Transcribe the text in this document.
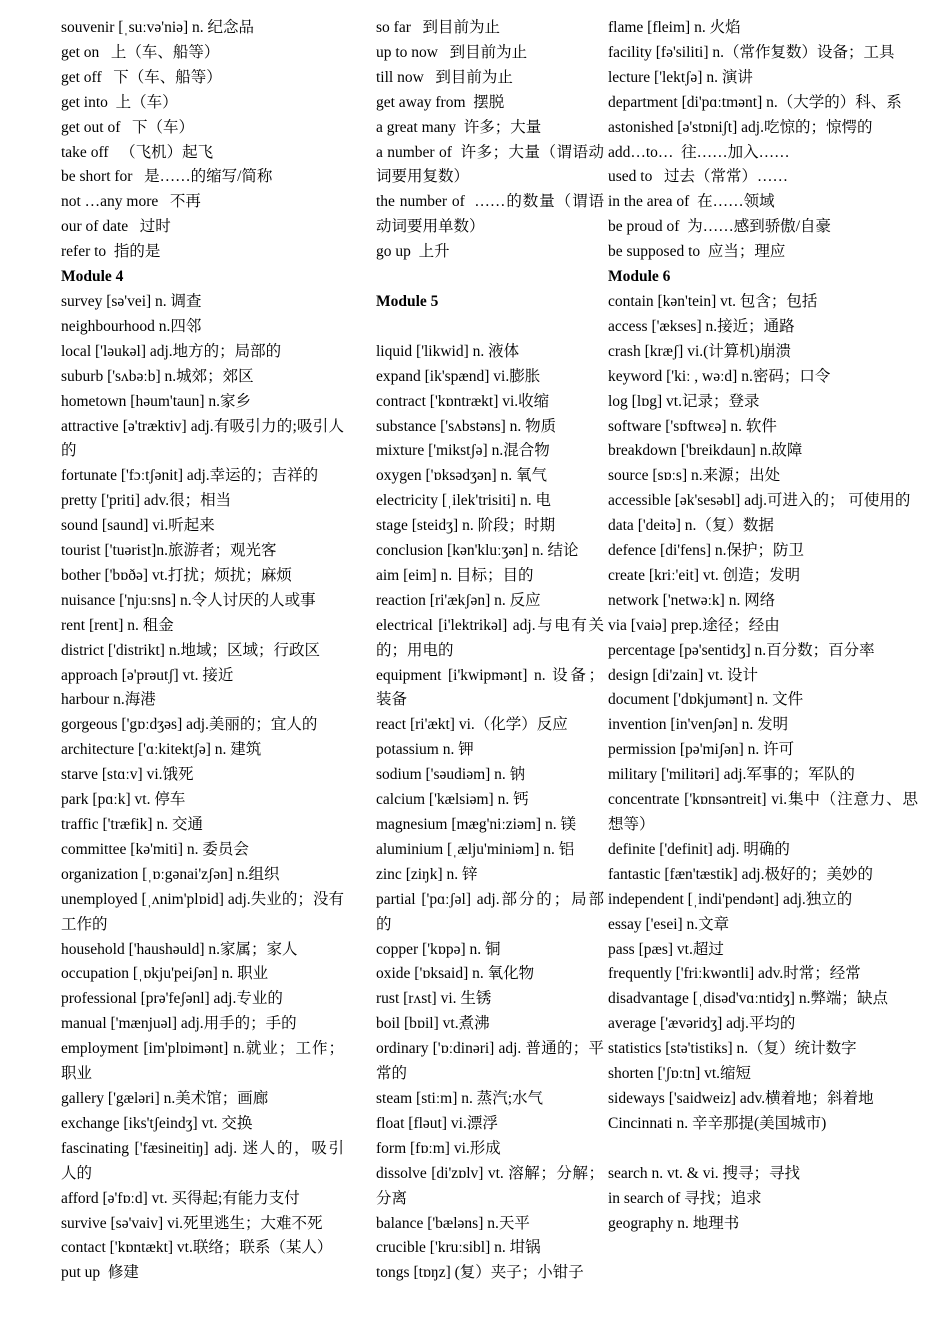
souvenir [ˌsuːvə'niə] n. 纪念品
get on   上（车、船等）
get off   下（车、船等）
get into  上（车）
get out of   下（车）
take off   （飞机）起飞
be short for   是……的缩写/简称
not …any more   不再
our of date   过时
refer to  指的是
Module 4
survey [sə'vei] n. 调查
neighbourhood n.四邻
local ['ləukəl] adj.地方的；局部的
suburb ['sʌbəːb] n.城郊；郊区
hometown [həum'taun] n.家乡
attractive [ə'træktiv] adj.有吸引力的;吸引人的
fortunate ['fɔːtʃənit] adj.幸运的；吉祥的
pretty ['priti] adv.很；相当
sound [saund] vi.听起来
tourist ['tuərist]n.旅游者；观光客
bother ['bɒðə] vt.打扰；烦扰；麻烦
nuisance ['njuːsns] n.令人讨厌的人或事
rent [rent] n. 租金
district ['distrikt] n.地域；区域；行政区
approach [ə'prəutʃ] vt. 接近
harbour n.海港
gorgeous ['gɒːdʒəs] adj.美丽的；宜人的
architecture ['ɑːkitektʃə] n. 建筑
starve [stɑːv] vi.饿死
park [pɑːk] vt. 停车
traffic ['træfik] n. 交通
committee [kə'miti] n. 委员会
organization [ˌɒːgənai'zʃən] n.组织
unemployed [ˌʌnim'plɒid] adj.失业的；没有工作的
household ['haushəuld] n.家属；家人
occupation [ˌɒkju'peiʃən] n. 职业
professional [prə'feʃənl] adj.专业的
manual ['mænjuəl] adj.用手的；手的
employment [im'plɒimənt] n.就业；工作；职业
gallery ['gæləri] n.美术馆；画廊
exchange [iks'tʃeindʒ] vt. 交换
fascinating ['fæsineitiŋ] adj. 迷人的，吸引人的
afford [ə'fɒːd] vt. 买得起;有能力支付
survive [sə'vaiv] vi.死里逃生；大难不死
contact ['kɒntækt] vt.联络；联系（某人）
put up  修建
so far   到目前为止
up to now   到目前为止
till now   到目前为止
get away from  摆脱
a great many  许多；大量
a number of  许多；大量（谓语动词要用复数）
the number of  ……的数量（谓语动词要用单数）
go up  上升

Module 5

liquid ['likwid] n. 液体
expand [ik'spænd] vi.膨胀
contract ['kɒntrækt] vi.收缩
substance ['sʌbstəns] n. 物质
mixture ['mikstʃə] n.混合物
oxygen ['ɒksədʒən] n. 氧气
electricity [ˌilek'trisiti] n. 电
stage [steidʒ] n. 阶段；时期
conclusion [kən'kluːʒən] n. 结论
aim [eim] n. 目标；目的
reaction [ri'ækʃən] n. 反应
electrical [i'lektrikəl] adj.与电有关的；用电的
equipment [i'kwipmənt] n. 设备；装备
react [ri'ækt] vi.（化学）反应
potassium n. 钾
sodium ['səudiəm] n. 钠
calcium ['kælsiəm] n. 钙
magnesium [mæg'niːziəm] n. 镁
aluminium [ˌælju'miniəm] n. 铝
zinc [ziŋk] n. 锌
partial ['pɑːʃəl] adj.部分的；局部的
copper ['kɒpə] n. 铜
oxide ['ɒksaid] n. 氧化物
rust [rʌst] vi. 生锈
boil [bɒil] vt.煮沸
ordinary ['ɒːdinəri] adj. 普通的；平常的
steam [stiːm] n. 蒸汽;水气
float [fləut] vi.漂浮
form [fɒːm] vi.形成
dissolve [di'zɒlv] vt. 溶解；分解；分离
balance ['bæləns] n.天平
crucible ['kruːsibl] n. 坩锅
tongs [tɒŋz] (复）夹子；小钳子
flame [fleim] n. 火焰
facility [fə'siliti] n.（常作复数）设备；工具
lecture ['lektʃə] n. 演讲
department [di'pɑːtmənt] n.（大学的）科、系
astonished [ə'stɒniʃt] adj.吃惊的；惊愕的
add…to…  往……加入……
used to   过去（常常）……
in the area of  在……领域
be proud of  为……感到骄傲/自豪
be supposed to  应当；理应
Module 6
contain [kən'tein] vt. 包含；包括
access ['ækses] n.接近；通路
crash [kræʃ] vi.(计算机)崩溃
keyword ['kiː , wəːd] n.密码；口令
log [lɒg] vt.记录；登录
software ['sɒftwεə] n. 软件
breakdown ['breikdaun] n.故障
source [sɒːs] n.来源；出处
accessible [ək'sesəbl] adj.可进入的； 可使用的
data ['deitə] n.（复）数据
defence [di'fens] n.保护；防卫
create [kriː'eit] vt. 创造；发明
network ['netwəːk] n. 网络
via [vaiə] prep.途径；经由
percentage [pə'sentidʒ] n.百分数；百分率
design [di'zain] vt. 设计
document ['dɒkjumənt] n. 文件
invention [in'venʃən] n. 发明
permission [pə'miʃən] n. 许可
military ['militəri] adj.军事的；军队的
concentrate ['kɒnsəntreit] vi.集中（注意力、思想等）
definite ['definit] adj. 明确的
fantastic [fæn'tæstik] adj.极好的；美妙的
independent [ˌindi'pendənt] adj.独立的
essay ['esei] n.文章
pass [pæs] vt.超过
frequently ['friːkwəntli] adv.时常；经常
disadvantage [ˌdisəd'vɑːntidʒ] n.弊端；缺点
average ['ævəridʒ] adj.平均的
statistics [stə'tistiks] n.（复）统计数字
shorten ['ʃɒːtn] vt.缩短
sideways ['saidweiz] adv.横着地；斜着地
Cincinnati n. 辛辛那提(美国城市)

search n. vt. & vi. 搜寻；寻找
in search of 寻找；追求
geography n. 地理书
